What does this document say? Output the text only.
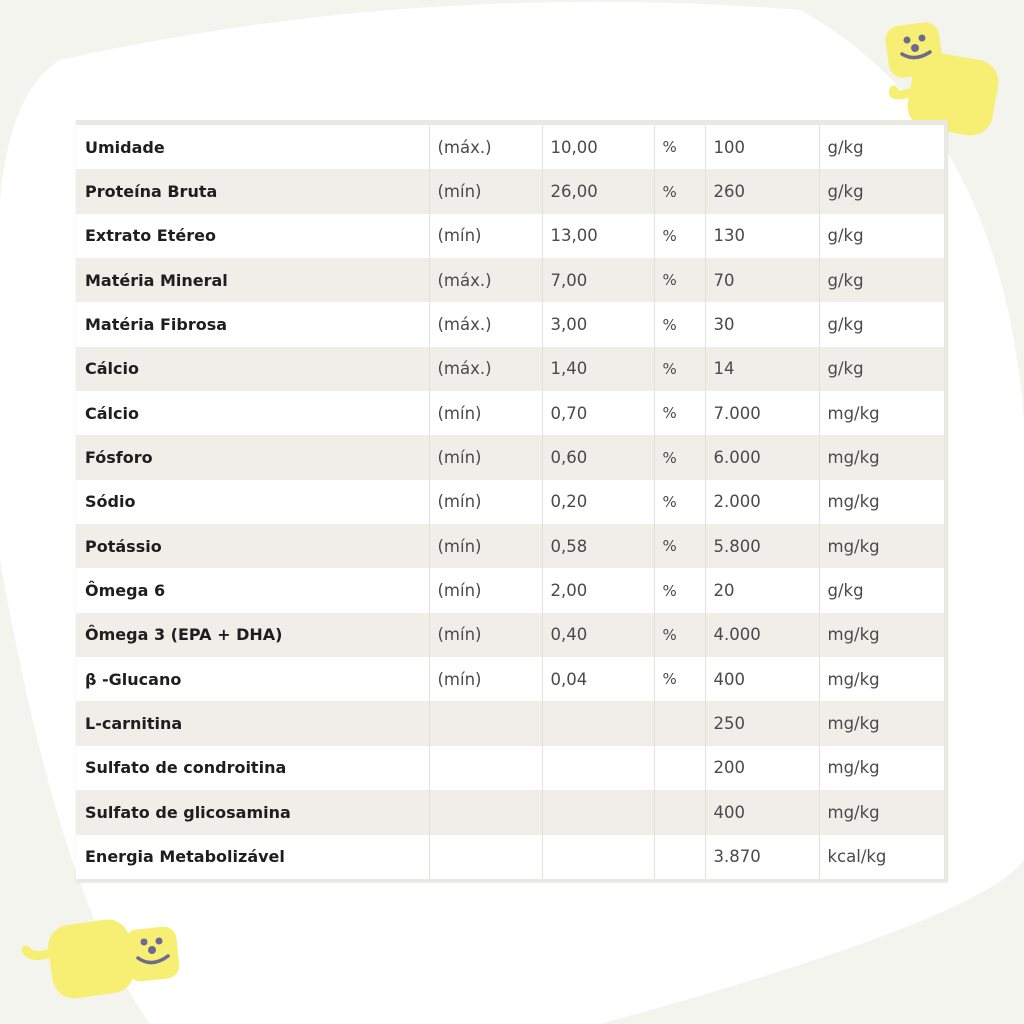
Umidade	(máx.)	10,00	%	100	g/kg
Proteína Bruta	(mín)	26,00	%	260	g/kg
Extrato Etéreo	(mín)	13,00	%	130	g/kg
Matéria Mineral	(máx.)	7,00	%	70	g/kg
Matéria Fibrosa	(máx.)	3,00	%	30	g/kg
Cálcio	(máx.)	1,40	%	14	g/kg
Cálcio	(mín)	0,70	%	7.000	mg/kg
Fósforo	(mín)	0,60	%	6.000	mg/kg
Sódio	(mín)	0,20	%	2.000	mg/kg
Potássio	(mín)	0,58	%	5.800	mg/kg
Ômega 6	(mín)	2,00	%	20	g/kg
Ômega 3 (EPA + DHA)	(mín)	0,40	%	4.000	mg/kg
β -Glucano	(mín)	0,04	%	400	mg/kg
L-carnitina				250	mg/kg
Sulfato de condroitina				200	mg/kg
Sulfato de glicosamina				400	mg/kg
Energia Metabolizável				3.870	kcal/kg
